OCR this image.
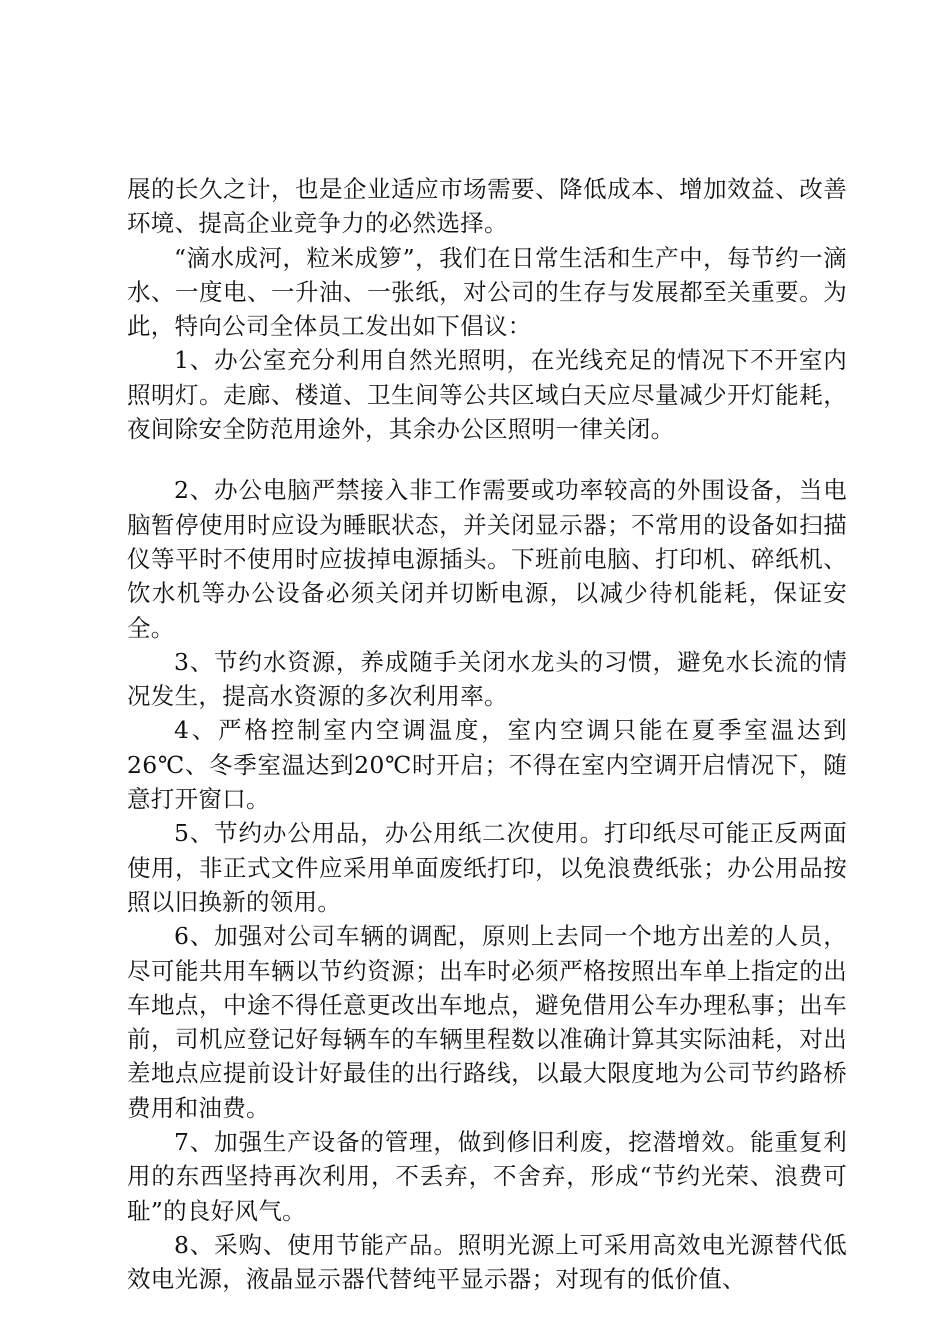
展的长久之计，也是企业适应市场需要、降低成本、增加效益、改善环境、提高企业竞争力的必然选择。

“滴水成河，粒米成箩”，我们在日常生活和生产中，每节约一滴水、一度电、一升油、一张纸，对公司的生存与发展都至关重要。为此，特向公司全体员工发出如下倡议：

1、办公室充分利用自然光照明，在光线充足的情况下不开室内照明灯。走廊、楼道、卫生间等公共区域白天应尽量减少开灯能耗，夜间除安全防范用途外，其余办公区照明一律关闭。

2、办公电脑严禁接入非工作需要或功率较高的外围设备，当电脑暂停使用时应设为睡眠状态，并关闭显示器；不常用的设备如扫描仪等平时不使用时应拔掉电源插头。下班前电脑、打印机、碎纸机、饮水机等办公设备必须关闭并切断电源，以减少待机能耗，保证安全。

3、节约水资源，养成随手关闭水龙头的习惯，避免水长流的情况发生，提高水资源的多次利用率。

4、严格控制室内空调温度，室内空调只能在夏季室温达到26℃、冬季室温达到20℃时开启；不得在室内空调开启情况下，随意打开窗口。

5、节约办公用品，办公用纸二次使用。打印纸尽可能正反两面使用，非正式文件应采用单面废纸打印，以免浪费纸张；办公用品按照以旧换新的领用。

6、加强对公司车辆的调配，原则上去同一个地方出差的人员，尽可能共用车辆以节约资源；出车时必须严格按照出车单上指定的出车地点，中途不得任意更改出车地点，避免借用公车办理私事；出车前，司机应登记好每辆车的车辆里程数以准确计算其实际油耗，对出差地点应提前设计好最佳的出行路线，以最大限度地为公司节约路桥费用和油费。

7、加强生产设备的管理，做到修旧利废，挖潜增效。能重复利用的东西坚持再次利用，不丢弃，不舍弃，形成“节约光荣、浪费可耻”的良好风气。

8、采购、使用节能产品。照明光源上可采用高效电光源替代低效电光源，液晶显示器代替纯平显示器；对现有的低价值、
